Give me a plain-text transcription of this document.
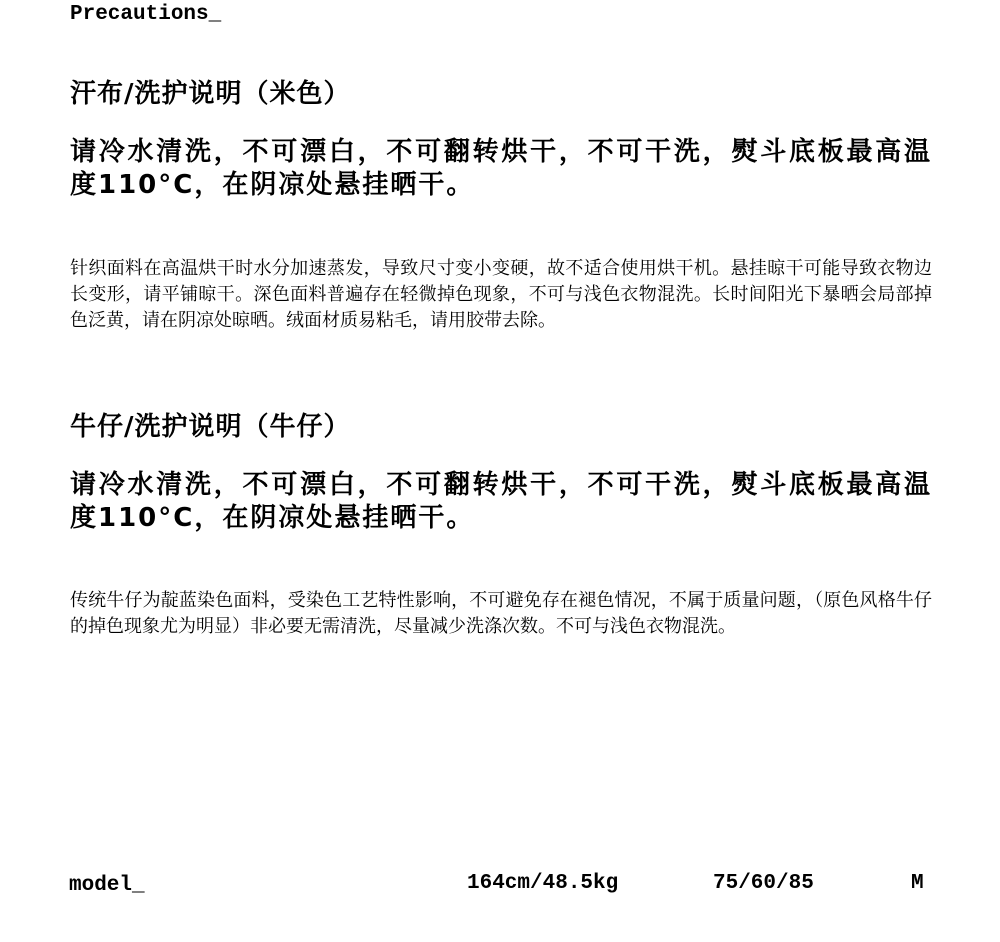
Precautions_
汗布/洗护说明（米色）

请冷水清洗，不可漂白，不可翻转烘干，不可干洗，熨斗底板最高温度110°C，在阴凉处悬挂晒干。

针织面料在高温烘干时水分加速蒸发，导致尺寸变小变硬，故不适合使用烘干机。悬挂晾干可能导致衣物边长变形，请平铺晾干。深色面料普遍存在轻微掉色现象，不可与浅色衣物混洗。长时间阳光下暴晒会局部掉色泛黄，请在阴凉处晾晒。绒面材质易粘毛，请用胶带去除。

牛仔/洗护说明（牛仔）

请冷水清洗，不可漂白，不可翻转烘干，不可干洗，熨斗底板最高温度110°C，在阴凉处悬挂晒干。

传统牛仔为靛蓝染色面料，受染色工艺特性影响，不可避免存在褪色情况，不属于质量问题，（原色风格牛仔的掉色现象尤为明显）非必要无需清洗，尽量减少洗涤次数。不可与浅色衣物混洗。

model_	164cm/48.5kg	75/60/85	M
